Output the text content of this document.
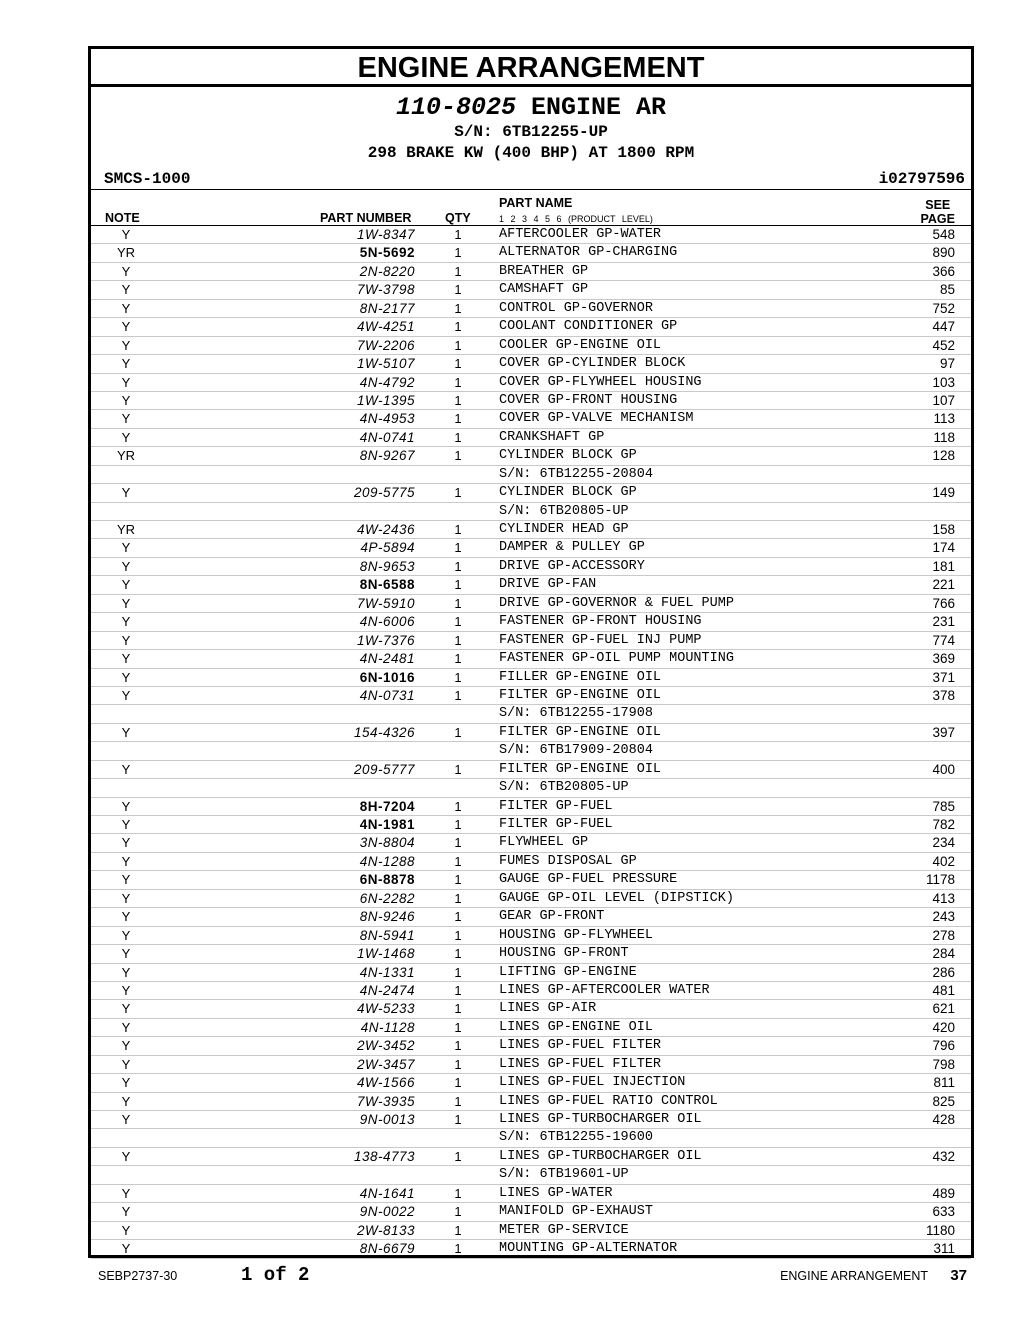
ENGINE ARRANGEMENT
110-8025 ENGINE AR
S/N: 6TB12255-UP
298 BRAKE KW (400 BHP) AT 1800 RPM
SMCS-1000	i02797596
NOTE	PART NUMBER	QTY
PART NAME
1 2 3 4 5 6 (PRODUCT LEVEL)
SEE
PAGE
Y	1W-8347	1	AFTERCOOLER GP-WATER	548
YR	5N-5692	1	ALTERNATOR GP-CHARGING	890
Y	2N-8220	1	BREATHER GP	366
Y	7W-3798	1	CAMSHAFT GP	85
Y	8N-2177	1	CONTROL GP-GOVERNOR	752
Y	4W-4251	1	COOLANT CONDITIONER GP	447
Y	7W-2206	1	COOLER GP-ENGINE OIL	452
Y	1W-5107	1	COVER GP-CYLINDER BLOCK	97
Y	4N-4792	1	COVER GP-FLYWHEEL HOUSING	103
Y	1W-1395	1	COVER GP-FRONT HOUSING	107
Y	4N-4953	1	COVER GP-VALVE MECHANISM	113
Y	4N-0741	1	CRANKSHAFT GP	118
YR	8N-9267	1	CYLINDER BLOCK GP	128
S/N: 6TB12255-20804
Y	209-5775	1	CYLINDER BLOCK GP	149
S/N: 6TB20805-UP
YR	4W-2436	1	CYLINDER HEAD GP	158
Y	4P-5894	1	DAMPER & PULLEY GP	174
Y	8N-9653	1	DRIVE GP-ACCESSORY	181
Y	8N-6588	1	DRIVE GP-FAN	221
Y	7W-5910	1	DRIVE GP-GOVERNOR & FUEL PUMP	766
Y	4N-6006	1	FASTENER GP-FRONT HOUSING	231
Y	1W-7376	1	FASTENER GP-FUEL INJ PUMP	774
Y	4N-2481	1	FASTENER GP-OIL PUMP MOUNTING	369
Y	6N-1016	1	FILLER GP-ENGINE OIL	371
Y	4N-0731	1	FILTER GP-ENGINE OIL	378
S/N: 6TB12255-17908
Y	154-4326	1	FILTER GP-ENGINE OIL	397
S/N: 6TB17909-20804
Y	209-5777	1	FILTER GP-ENGINE OIL	400
S/N: 6TB20805-UP
Y	8H-7204	1	FILTER GP-FUEL	785
Y	4N-1981	1	FILTER GP-FUEL	782
Y	3N-8804	1	FLYWHEEL GP	234
Y	4N-1288	1	FUMES DISPOSAL GP	402
Y	6N-8878	1	GAUGE GP-FUEL PRESSURE	1178
Y	6N-2282	1	GAUGE GP-OIL LEVEL (DIPSTICK)	413
Y	8N-9246	1	GEAR GP-FRONT	243
Y	8N-5941	1	HOUSING GP-FLYWHEEL	278
Y	1W-1468	1	HOUSING GP-FRONT	284
Y	4N-1331	1	LIFTING GP-ENGINE	286
Y	4N-2474	1	LINES GP-AFTERCOOLER WATER	481
Y	4W-5233	1	LINES GP-AIR	621
Y	4N-1128	1	LINES GP-ENGINE OIL	420
Y	2W-3452	1	LINES GP-FUEL FILTER	796
Y	2W-3457	1	LINES GP-FUEL FILTER	798
Y	4W-1566	1	LINES GP-FUEL INJECTION	811
Y	7W-3935	1	LINES GP-FUEL RATIO CONTROL	825
Y	9N-0013	1	LINES GP-TURBOCHARGER OIL	428
S/N: 6TB12255-19600
Y	138-4773	1	LINES GP-TURBOCHARGER OIL	432
S/N: 6TB19601-UP
Y	4N-1641	1	LINES GP-WATER	489
Y	9N-0022	1	MANIFOLD GP-EXHAUST	633
Y	2W-8133	1	METER GP-SERVICE	1180
Y	8N-6679	1	MOUNTING GP-ALTERNATOR	311
SEBP2737-30	1 of 2	ENGINE ARRANGEMENT 37
